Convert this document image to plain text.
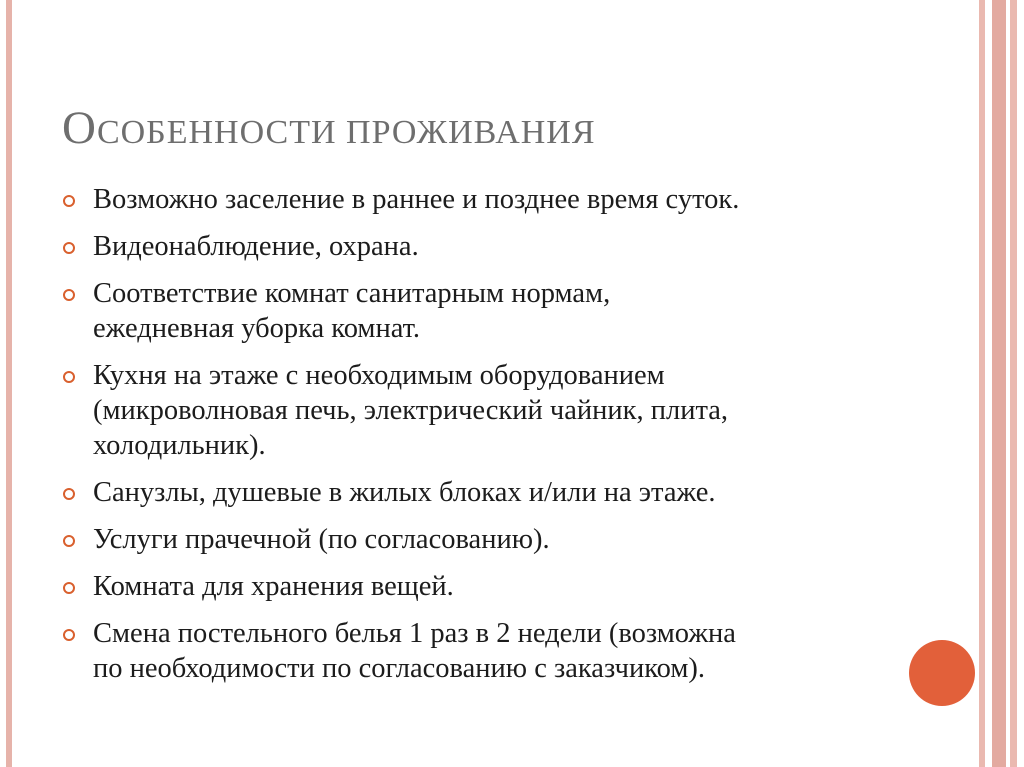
ОСОБЕННОСТИ ПРОЖИВАНИЯ
Возможно заселение в раннее и позднее время суток.
Видеонаблюдение, охрана.
Соответствие комнат санитарным нормам,
ежедневная уборка комнат.
Кухня на этаже с необходимым оборудованием
(микроволновая печь, электрический чайник, плита,
холодильник).
Санузлы, душевые в жилых блоках и/или на этаже.
Услуги прачечной (по согласованию).
Комната для хранения вещей.
Смена постельного белья 1 раз в 2 недели (возможна
по необходимости по согласованию с заказчиком).
